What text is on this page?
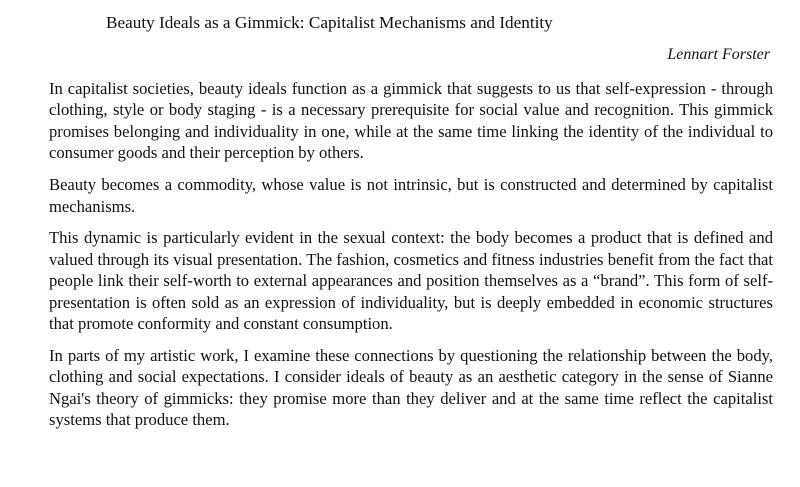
Beauty Ideals as a Gimmick: Capitalist Mechanisms and Identity
Lennart Forster

In capitalist societies, beauty ideals function as a gimmick that suggests to us that self-expression - through clothing, style or body staging - is a necessary prerequisite for social value and recognition. This gimmick promises belonging and individuality in one, while at the same time linking the identity of the individual to consumer goods and their perception by others.

Beauty becomes a commodity, whose value is not intrinsic, but is constructed and determined by capitalist mechanisms.

This dynamic is particularly evident in the sexual context: the body becomes a product that is defined and valued through its visual presentation. The fashion, cosmetics and fitness industries benefit from the fact that people link their self-worth to external appearances and position themselves as a “brand”. This form of self-presentation is often sold as an expression of individuality, but is deeply embedded in economic structures that promote conformity and constant consumption.

In parts of my artistic work, I examine these connections by questioning the relationship between the body, clothing and social expectations. I consider ideals of beauty as an aesthetic category in the sense of Sianne Ngai's theory of gimmicks: they promise more than they deliver and at the same time reflect the capitalist systems that produce them.
